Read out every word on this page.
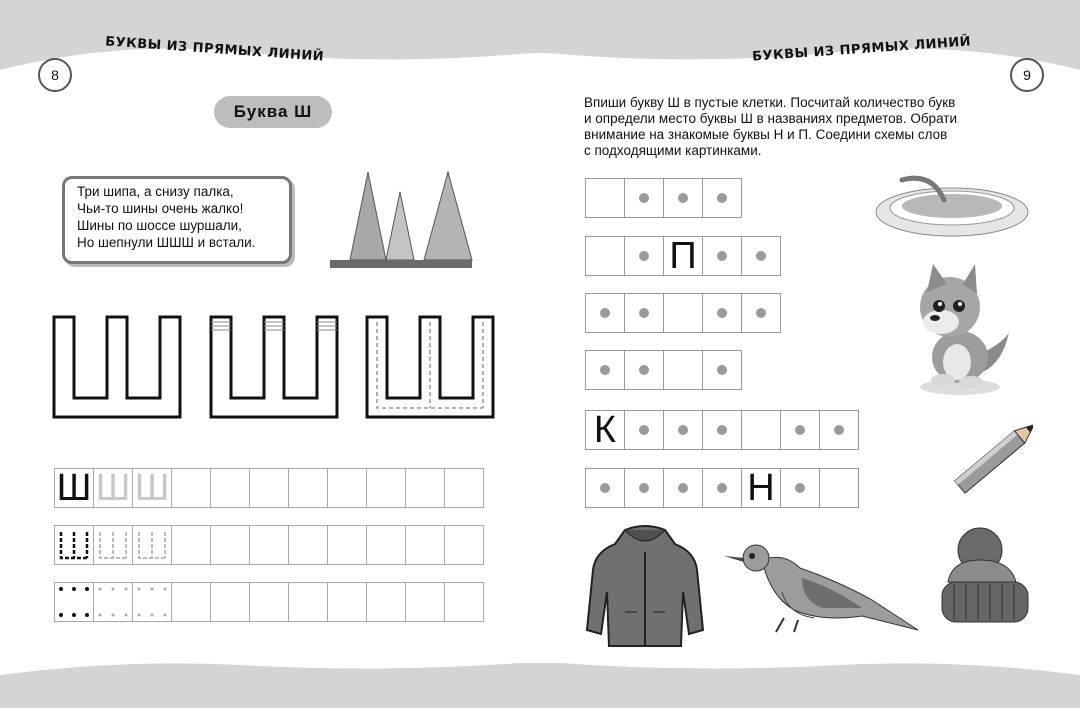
БУКВЫ ИЗ ПРЯМЫХ ЛИНИЙ	БУКВЫ ИЗ ПРЯМЫХ ЛИНИЙ
8	9
Буква Ш
Три шипа, а снизу палка,
Чьи-то шины очень жалко!
Шины по шоссе шуршали,
Но шепнули ШШШ и встали.
Ш Ш Ш
Впиши букву Ш в пустые клетки. Посчитай количество букв
и определи место буквы Ш в названиях предметов. Обрати
внимание на знакомые буквы Н и П. Соедини схемы слов
с подходящими картинками.
П
К
Н
